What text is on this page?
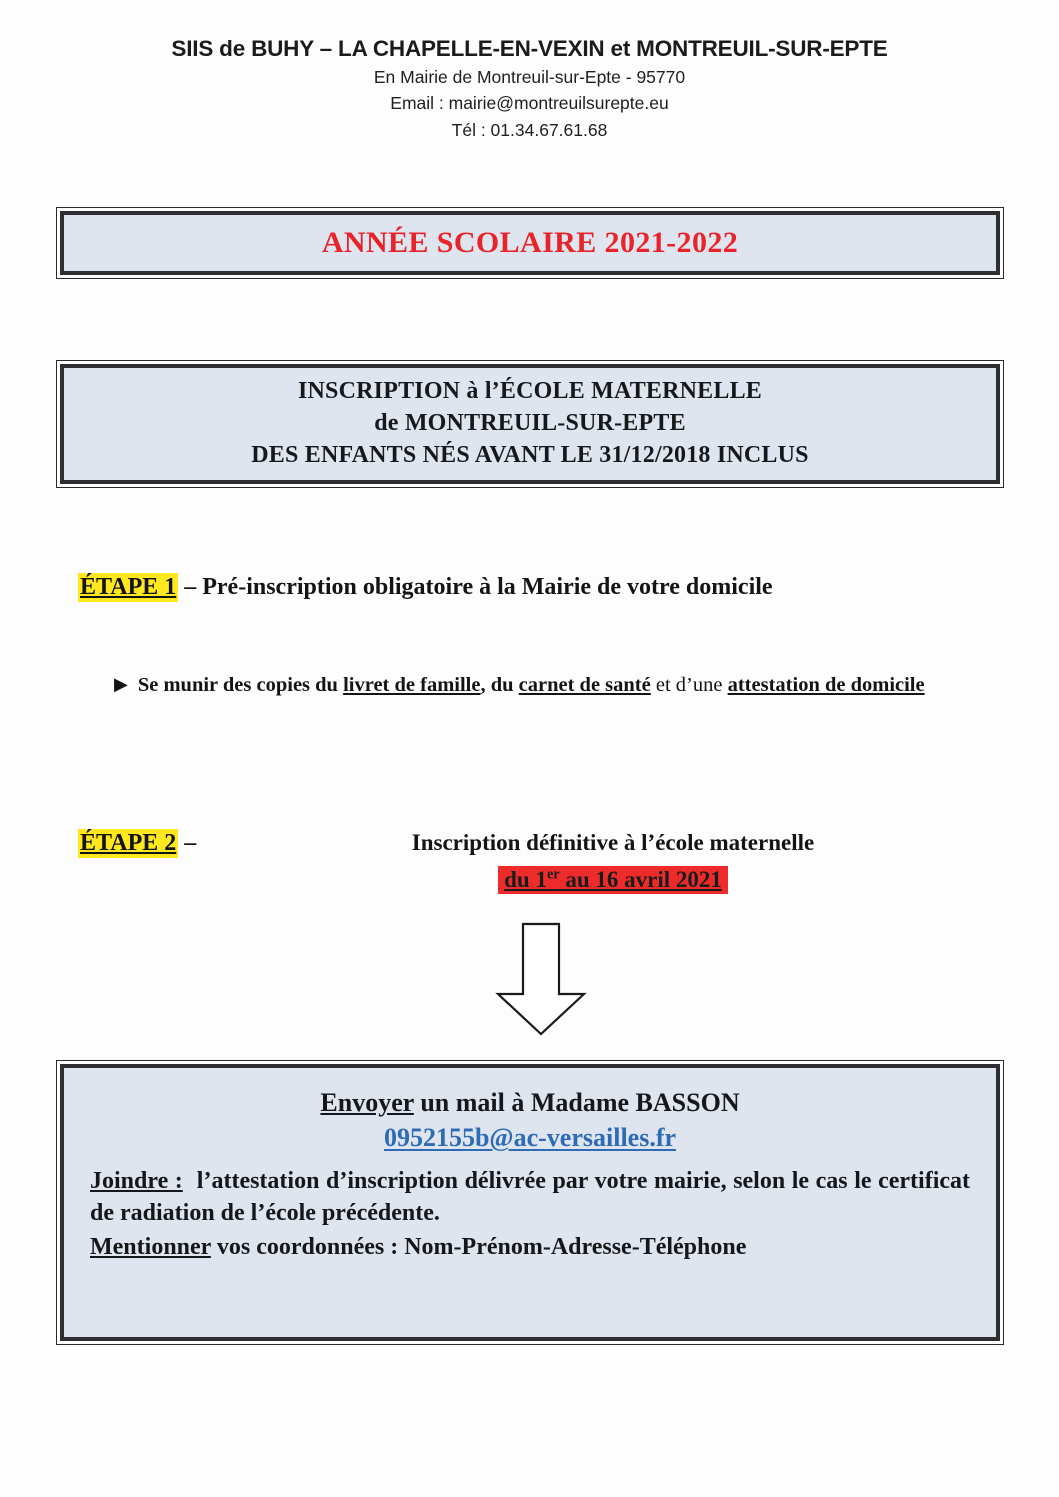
SIIS de BUHY – LA CHAPELLE-EN-VEXIN et MONTREUIL-SUR-EPTE
En Mairie de Montreuil-sur-Epte - 95770
Email : mairie@montreuilsurepte.eu
Tél : 01.34.67.61.68
ANNÉE SCOLAIRE 2021-2022
INSCRIPTION à l’ÉCOLE MATERNELLE
de MONTREUIL-SUR-EPTE
DES ENFANTS NÉS AVANT LE 31/12/2018 INCLUS
ÉTAPE 1 – Pré-inscription obligatoire à la Mairie de votre domicile
▶ Se munir des copies du livret de famille, du carnet de santé et d’une attestation de domicile
ÉTAPE 2 –	Inscription définitive à l’école maternelle
du 1er au 16 avril 2021
Envoyer un mail à Madame BASSON
0952155b@ac-versailles.fr
Joindre : l’attestation d’inscription délivrée par votre mairie, selon le cas le certificat de radiation de l’école précédente.
Mentionner vos coordonnées : Nom-Prénom-Adresse-Téléphone
